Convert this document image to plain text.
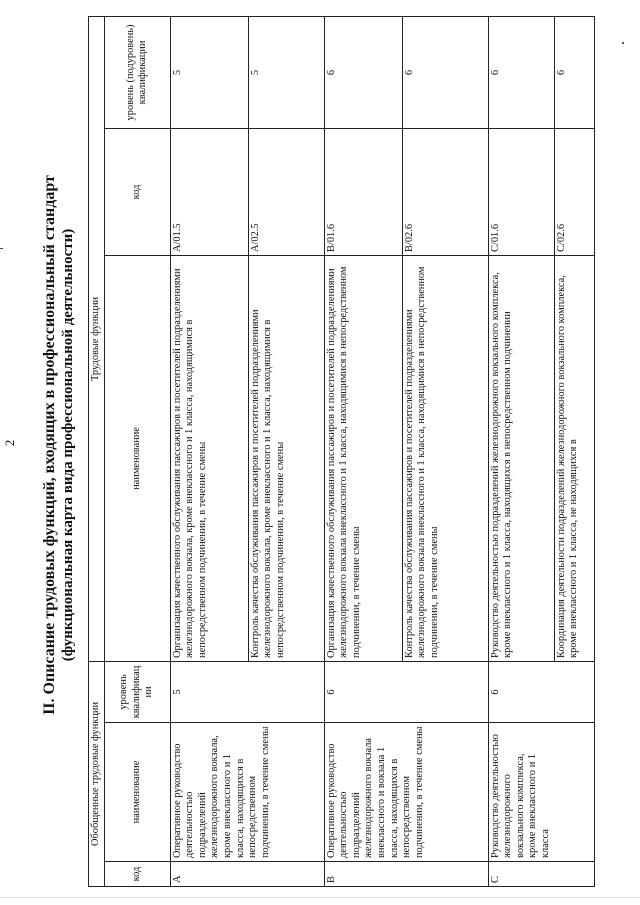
2 II. Описание трудовых функций, входящих в профессиональный стандарт (функциональная карта вида профессиональной деятельности)
Обобщенные трудовые функции			Трудовые функции		
код	наименование	уровень квалификации	наименование	код	уровень (подуровень) квалификации
A	Оперативное руководство деятельностью подразделений железнодорожного вокзала, кроме внеклассного и 1 класса, находящихся в непосредственном подчинении, в течение смены	5	Организация качественного обслуживания пассажиров и посетителей подразделениями железнодорожного вокзала, кроме внеклассного и 1 класса, находящимися в непосредственном подчинении, в течение смены	A/01.5	5
			Контроль качества обслуживания пассажиров и посетителей подразделениями железнодорожного вокзала, кроме внеклассного и 1 класса, находящимися в непосредственном подчинении, в течение смены	A/02.5	5
B	Оперативное руководство деятельностью подразделений железнодорожного вокзала внеклассного и вокзала 1 класса, находящихся в непосредственном подчинении, в течение смены	6	Организация качественного обслуживания пассажиров и посетителей подразделениями железнодорожного вокзала внеклассного и 1 класса, находящимися в непосредственном подчинении, в течение смены	B/01.6	6
			Контроль качества обслуживания пассажиров и посетителей подразделениями железнодорожного вокзала внеклассного и 1 класса, находящимися в непосредственном подчинении, в течение смены	B/02.6	6
C	Руководство деятельностью железнодорожного вокзального комплекса, кроме внеклассного и 1 класса	6	Руководство деятельностью подразделений железнодорожного вокзального комплекса, кроме внеклассного и 1 класса, находящихся в непосредственном подчинении	C/01.6	6
			Координация деятельности подразделений железнодорожного вокзального комплекса, кроме внеклассного и 1 класса, не находящихся в	C/02.6	6
